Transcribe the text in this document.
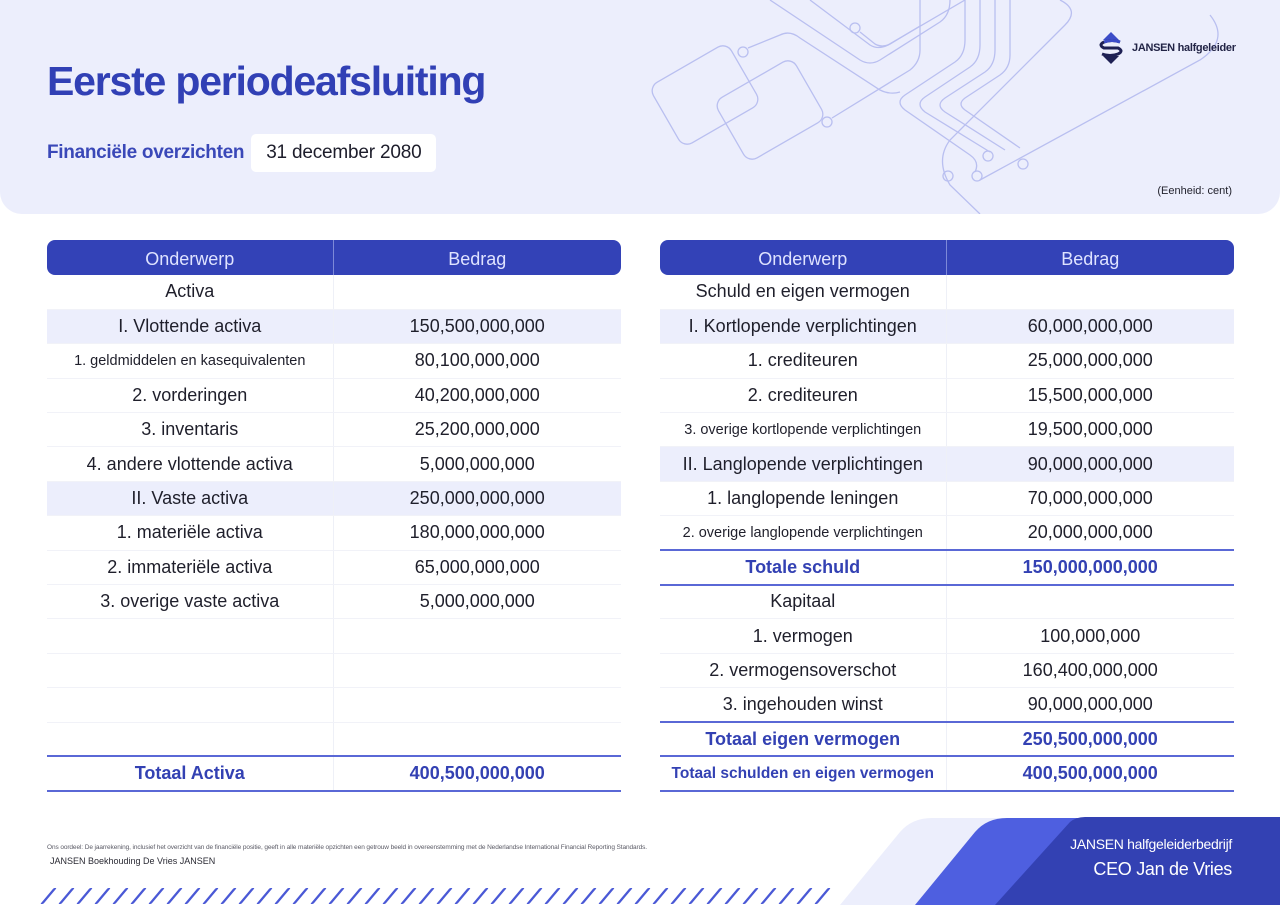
Eerste periodeafsluiting
Financiële overzichten	31 december 2080
JANSEN halfgeleider
(Eenheid: cent)
Onderwerp	Bedrag
Activa	
I. Vlottende activa	150,500,000,000
1. geldmiddelen en kasequivalenten	80,100,000,000
2. vorderingen	40,200,000,000
3. inventaris	25,200,000,000
4. andere vlottende activa	5,000,000,000
II. Vaste activa	250,000,000,000
1. materiële activa	180,000,000,000
2. immateriële activa	65,000,000,000
3. overige vaste activa	5,000,000,000

Totaal Activa	400,500,000,000
Onderwerp	Bedrag
Schuld en eigen vermogen	
I. Kortlopende verplichtingen	60,000,000,000
1. crediteuren	25,000,000,000
2. crediteuren	15,500,000,000
3. overige kortlopende verplichtingen	19,500,000,000
II. Langlopende verplichtingen	90,000,000,000
1. langlopende leningen	70,000,000,000
2. overige langlopende verplichtingen	20,000,000,000
Totale schuld	150,000,000,000
Kapitaal	
1. vermogen	100,000,000
2. vermogensoverschot	160,400,000,000
3. ingehouden winst	90,000,000,000
Totaal eigen vermogen	250,500,000,000
Totaal schulden en eigen vermogen	400,500,000,000
Ons oordeel: De jaarrekening, inclusief het overzicht van de financiële positie, geeft in alle materiële opzichten een getrouw beeld in overeenstemming met de Nederlandse International Financial Reporting Standards.
JANSEN Boekhouding De Vries JANSEN
JANSEN halfgeleiderbedrijf
CEO Jan de Vries
